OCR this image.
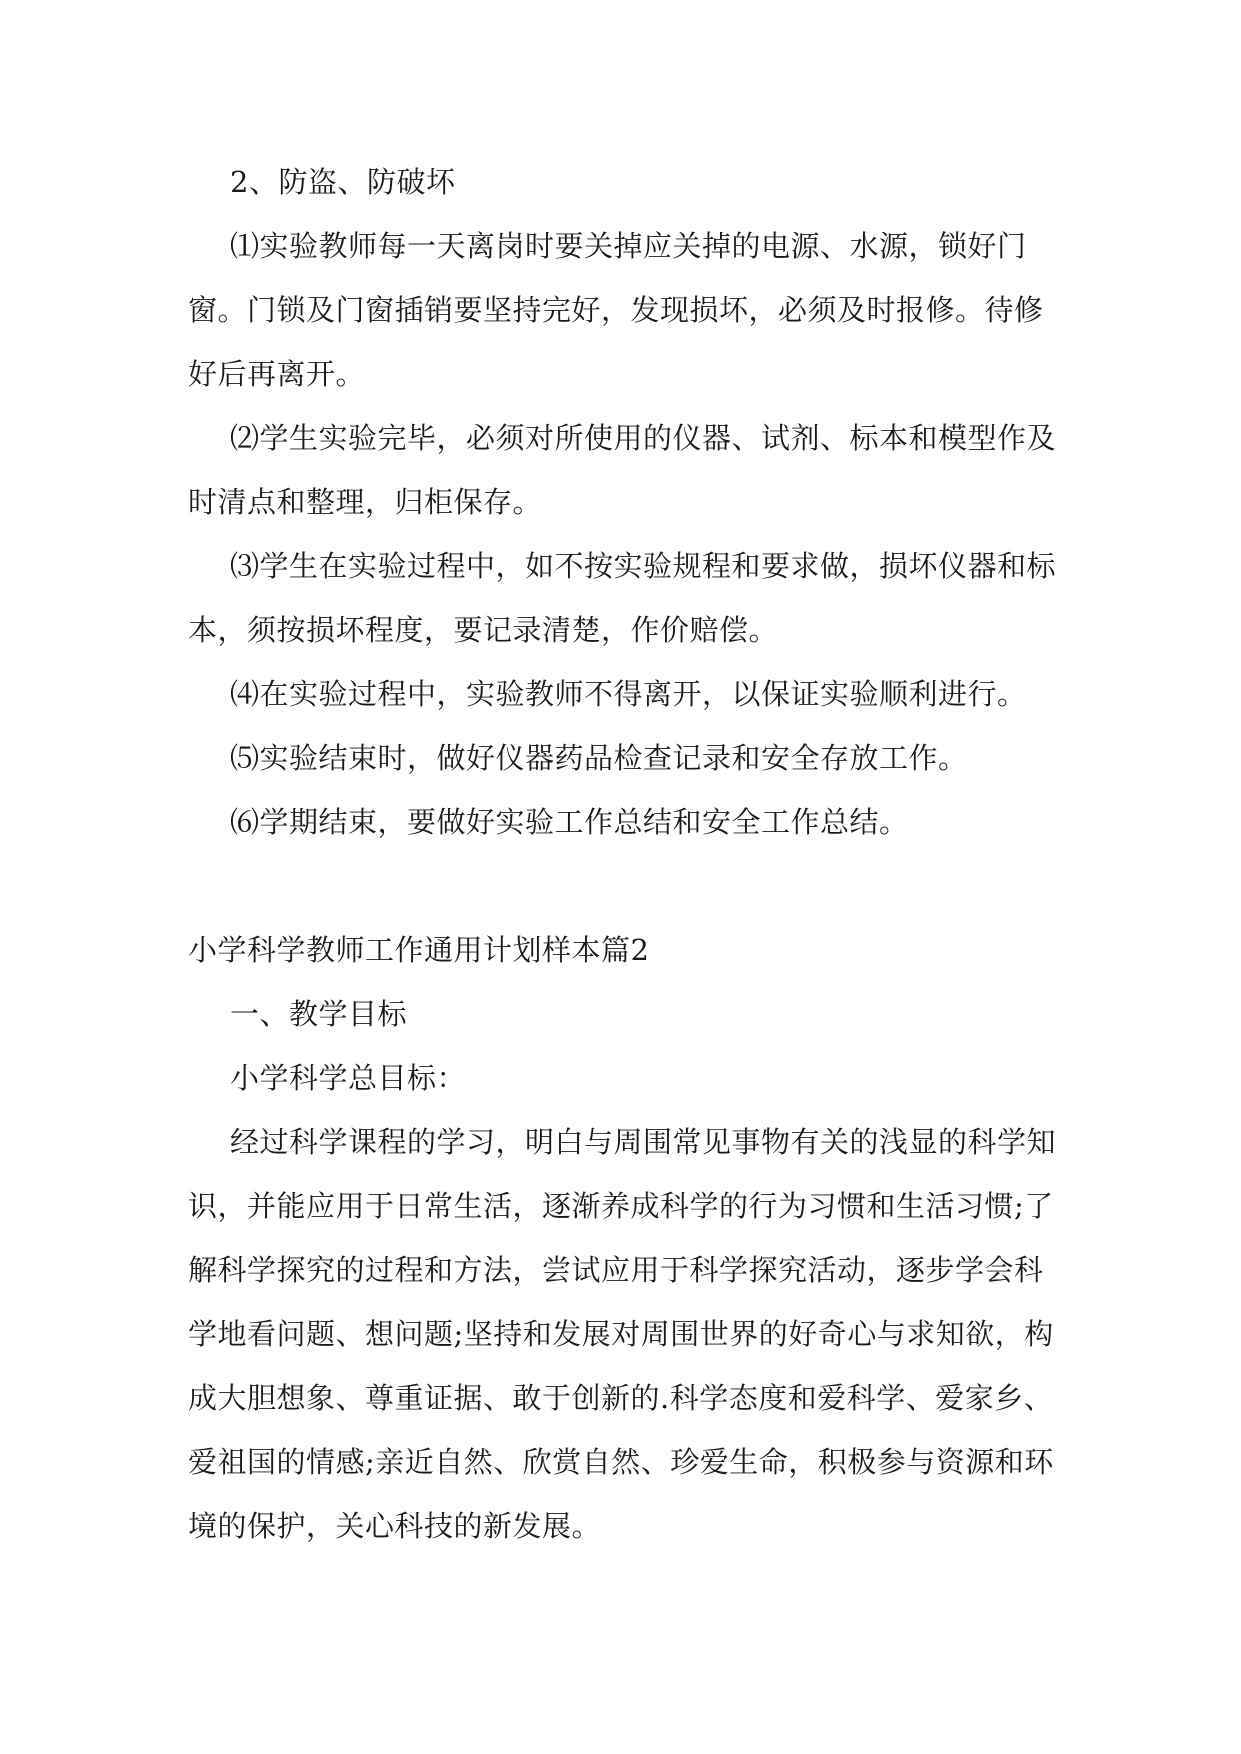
2、防盗、防破坏

⑴实验教师每一天离岗时要关掉应关掉的电源、水源，锁好门窗。门锁及门窗插销要坚持完好，发现损坏，必须及时报修。待修好后再离开。

⑵学生实验完毕，必须对所使用的仪器、试剂、标本和模型作及时清点和整理，归柜保存。

⑶学生在实验过程中，如不按实验规程和要求做，损坏仪器和标本，须按损坏程度，要记录清楚，作价赔偿。

⑷在实验过程中，实验教师不得离开，以保证实验顺利进行。

⑸实验结束时，做好仪器药品检查记录和安全存放工作。

⑹学期结束，要做好实验工作总结和安全工作总结。

小学科学教师工作通用计划样本篇2

一、教学目标

小学科学总目标：

经过科学课程的学习，明白与周围常见事物有关的浅显的科学知识，并能应用于日常生活，逐渐养成科学的行为习惯和生活习惯;了解科学探究的过程和方法，尝试应用于科学探究活动，逐步学会科学地看问题、想问题;坚持和发展对周围世界的好奇心与求知欲，构成大胆想象、尊重证据、敢于创新的.科学态度和爱科学、爱家乡、爱祖国的情感;亲近自然、欣赏自然、珍爱生命，积极参与资源和环境的保护，关心科技的新发展。
